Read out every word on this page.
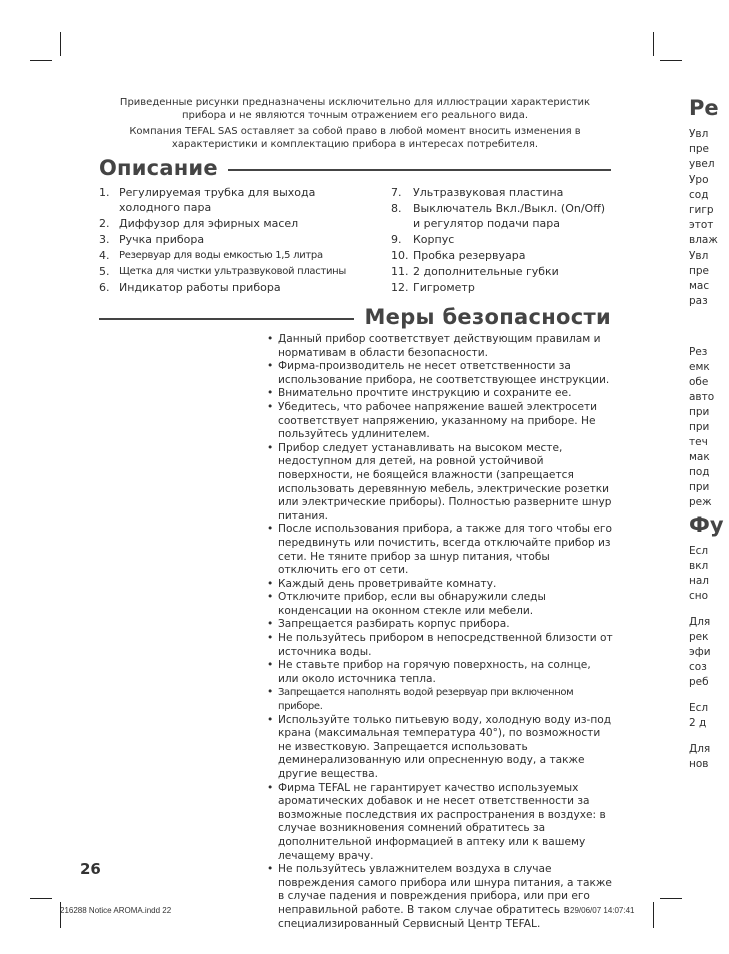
Приведенные рисунки предназначены исключительно для иллюстрации характеристик прибора и не являются точным отражением его реального вида.

Компания TEFAL SAS оставляет за собой право в любой момент вносить изменения в характеристики и комплектацию прибора в интересах потребителя.

Описание
1. Регулируемая трубка для выхода холодного пара
2. Диффузор для эфирных масел
3. Ручка прибора
4. Резервуар для воды емкостью 1,5 литра
5. Щетка для чистки ультразвуковой пластины
6. Индикатор работы прибора
7.	Ультразвуковая пластина
8.	Выключатель Вкл./Выкл. (On/Off) и регулятор подачи пара
9.	Корпус
10. Пробка резервуара
11. 2 дополнительные губки
12. Гигрометр
Меры безопасности
• Данный прибор соответствует действующим правилам и нормативам в области безопасности.
• Фирма-производитель не несет ответственности за использование прибора, не соответствующее инструкции.
• Внимательно прочтите инструкцию и сохраните ее.
• Убедитесь, что рабочее напряжение вашей электросети соответствует напряжению, указанному на приборе. Не пользуйтесь удлинителем.
• Прибор следует устанавливать на высоком месте, недоступном для детей, на ровной устойчивой поверхности, не боящейся влажности (запрещается использовать деревянную мебель, электрические розетки или электрические приборы). Полностью разверните шнур питания.
• После использования прибора, а также для того чтобы его передвинуть или почистить, всегда отключайте прибор из сети. Не тяните прибор за шнур питания, чтобы отключить его от сети.
• Каждый день проветривайте комнату.
• Отключите прибор, если вы обнаружили следы конденсации на оконном стекле или мебели.
• Запрещается разбирать корпус прибора.
• Не пользуйтесь прибором в непосредственной близости от источника воды.
• Не ставьте прибор на горячую поверхность, на солнце, или около источника тепла.
• Запрещается наполнять водой резервуар при включенном приборе.
• Используйте только питьевую воду, холодную воду из-под крана (максимальная температура 40°), по возможности не известковую. Запрещается использовать деминерализованную или опресненную воду, а также другие вещества.
• Фирма TEFAL не гарантирует качество используемых ароматических добавок и не несет ответственности за возможные последствия их распространения в воздухе: в случае возникновения сомнений обратитесь за дополнительной информацией в аптеку или к вашему лечащему врачу.
• Не пользуйтесь увлажнителем воздуха в случае повреждения самого прибора или шнура питания, а также в случае падения и повреждения прибора, или при его неправильной работе. В таком случае обратитесь в специализированный Сервисный Центр TEFAL.
26
216288 Notice AROMA.indd 22	29/06/07 14:07:41
Ре
Увл
пре
увел
Уро
сод
гигр
этот
влаж
Увл
пре
мас
раз
Рез
емк
обе
авто
при
при
теч
мак
под
при
реж
Фу
Есл
вкл
нал
сно
Для
рек
эфи
соз
реб
Есл
2 д
Для
нов
